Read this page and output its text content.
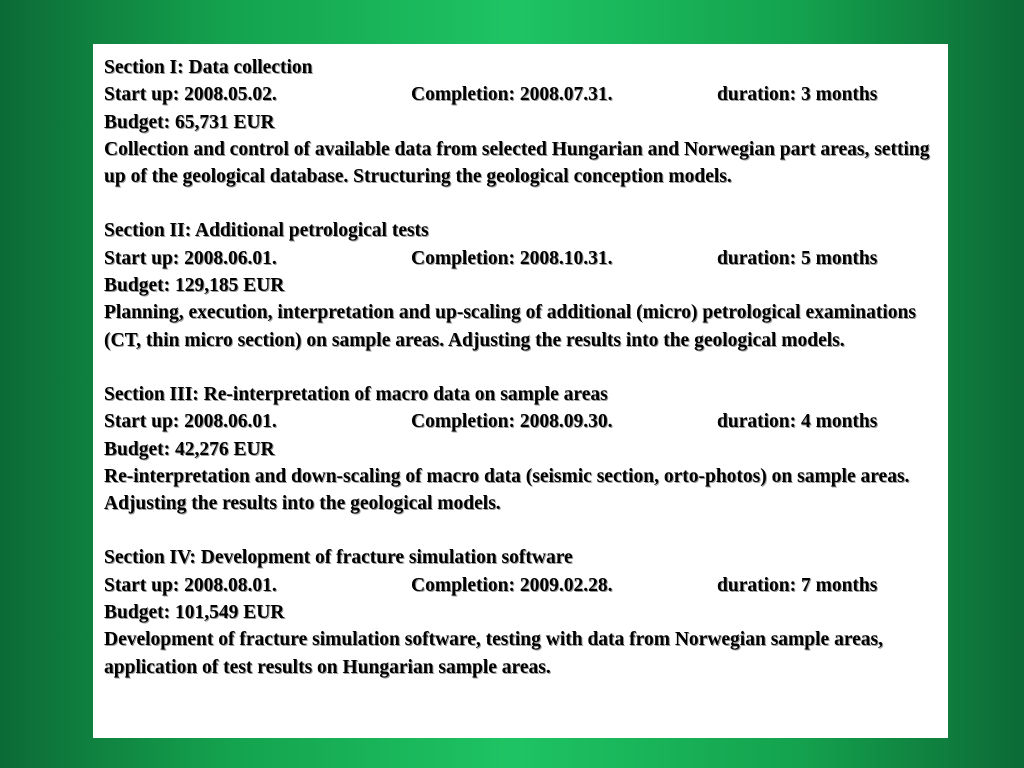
Section I: Data collection
Start up: 2008.05.02.	Completion: 2008.07.31.	duration: 3 months
Budget: 65,731 EUR
Collection and control of available data from selected Hungarian and Norwegian part areas, setting up of the geological database. Structuring the geological conception models.
Section II: Additional petrological tests
Start up: 2008.06.01.	Completion: 2008.10.31.	duration: 5 months
Budget: 129,185 EUR
Planning, execution, interpretation and up-scaling of additional (micro) petrological examinations (CT, thin micro section) on sample areas. Adjusting the results into the geological models.
Section III: Re-interpretation of macro data on sample areas
Start up: 2008.06.01.	Completion: 2008.09.30.	duration: 4 months
Budget: 42,276 EUR
Re-interpretation and down-scaling of macro data (seismic section, orto-photos) on sample areas. Adjusting the results into the geological models.
Section IV: Development of fracture simulation software
Start up: 2008.08.01.	Completion: 2009.02.28.	duration: 7 months
Budget: 101,549 EUR
Development of fracture simulation software, testing with data from Norwegian sample areas, application of test results on Hungarian sample areas.
